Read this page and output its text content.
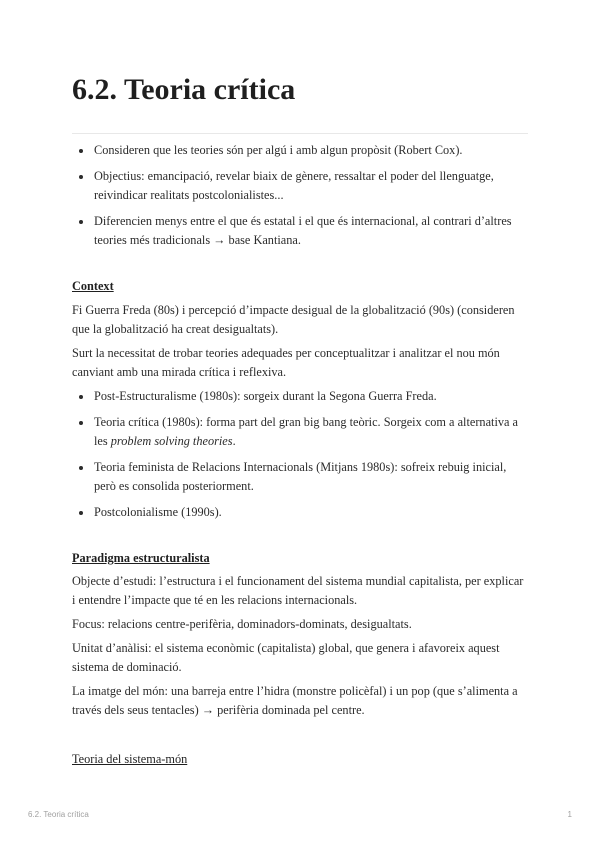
6.2. Teoria crítica
Consideren que les teories són per algú i amb algun propòsit (Robert Cox).
Objectius: emancipació, revelar biaix de gènere, ressaltar el poder del llenguatge, reivindicar realitats postcolonialistes...
Diferencien menys entre el que és estatal i el que és internacional, al contrari d’altres teories més tradicionals → base Kantiana.
Context

Fi Guerra Freda (80s) i percepció d’impacte desigual de la globalització (90s) (consideren que la globalització ha creat desigualtats).

Surt la necessitat de trobar teories adequades per conceptualitzar i analitzar el nou món canviant amb una mirada crítica i reflexiva.

Post-Estructuralisme (1980s): sorgeix durant la Segona Guerra Freda.
Teoria crítica (1980s): forma part del gran big bang teòric. Sorgeix com a alternativa a les problem solving theories.
Teoria feminista de Relacions Internacionals (Mitjans 1980s): sofreix rebuig inicial, però es consolida posteriorment.
Postcolonialisme (1990s).
Paradigma estructuralista

Objecte d’estudi: l’estructura i el funcionament del sistema mundial capitalista, per explicar i entendre l’impacte que té en les relacions internacionals.

Focus: relacions centre-perifèria, dominadors-dominats, desigualtats.

Unitat d’anàlisi: el sistema econòmic (capitalista) global, que genera i afavoreix aquest sistema de dominació.

La imatge del món: una barreja entre l’hidra (monstre policèfal) i un pop (que s’alimenta a través dels seus tentacles) → perifèria dominada pel centre.

Teoria del sistema-món
6.2. Teoria crítica	1
